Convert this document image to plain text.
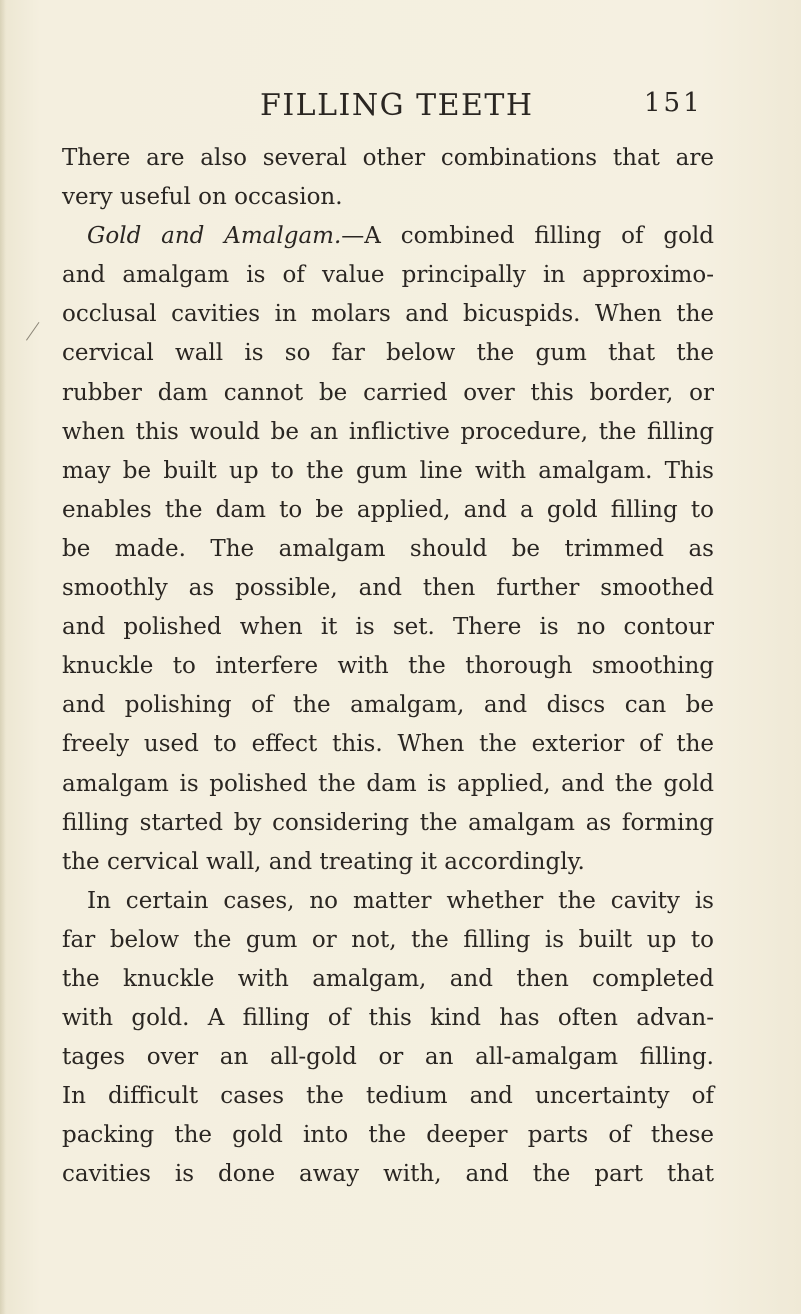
FILLING TEETH	151
There are also several other combinations that are
very useful on occasion.
Gold and Amalgam.—A combined filling of gold
and amalgam is of value principally in approximo-
occlusal cavities in molars and bicuspids. When the
cervical wall is so far below the gum that the
rubber dam cannot be carried over this border, or
when this would be an inflictive procedure, the filling
may be built up to the gum line with amalgam. This
enables the dam to be applied, and a gold filling to
be made. The amalgam should be trimmed as
smoothly as possible, and then further smoothed
and polished when it is set. There is no contour
knuckle to interfere with the thorough smoothing
and polishing of the amalgam, and discs can be
freely used to effect this. When the exterior of the
amalgam is polished the dam is applied, and the gold
filling started by considering the amalgam as forming
the cervical wall, and treating it accordingly.
In certain cases, no matter whether the cavity is
far below the gum or not, the filling is built up to
the knuckle with amalgam, and then completed
with gold. A filling of this kind has often advan-
tages over an all-gold or an all-amalgam filling.
In difficult cases the tedium and uncertainty of
packing the gold into the deeper parts of these
cavities is done away with, and the part that
